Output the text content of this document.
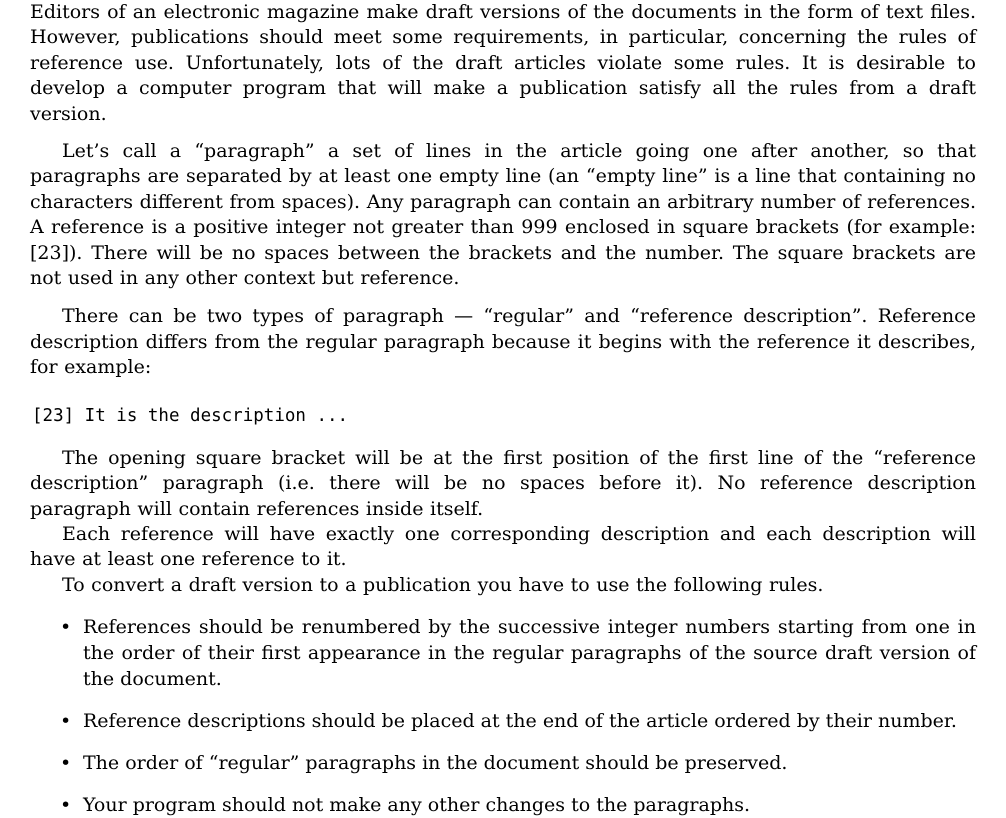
Editors of an electronic magazine make draft versions of the documents in the form of text files. However, publications should meet some requirements, in particular, concerning the rules of reference use. Unfortunately, lots of the draft articles violate some rules. It is desirable to develop a computer program that will make a publication satisfy all the rules from a draft version.

Let’s call a “paragraph” a set of lines in the article going one after another, so that paragraphs are separated by at least one empty line (an “empty line” is a line that containing no characters different from spaces). Any paragraph can contain an arbitrary number of references. A reference is a positive integer not greater than 999 enclosed in square brackets (for example: [23]). There will be no spaces between the brackets and the number. The square brackets are not used in any other context but reference.

There can be two types of paragraph — “regular” and “reference description”. Reference description differs from the regular paragraph because it begins with the reference it describes, for example:

[23] It is the description ...

The opening square bracket will be at the first position of the first line of the “reference description” paragraph (i.e. there will be no spaces before it). No reference description paragraph will contain references inside itself.

Each reference will have exactly one corresponding description and each description will have at least one reference to it.

To convert a draft version to a publication you have to use the following rules.

• References should be renumbered by the successive integer numbers starting from one in the order of their first appearance in the regular paragraphs of the source draft version of the document.
• Reference descriptions should be placed at the end of the article ordered by their number.
• The order of “regular” paragraphs in the document should be preserved.
• Your program should not make any other changes to the paragraphs.
